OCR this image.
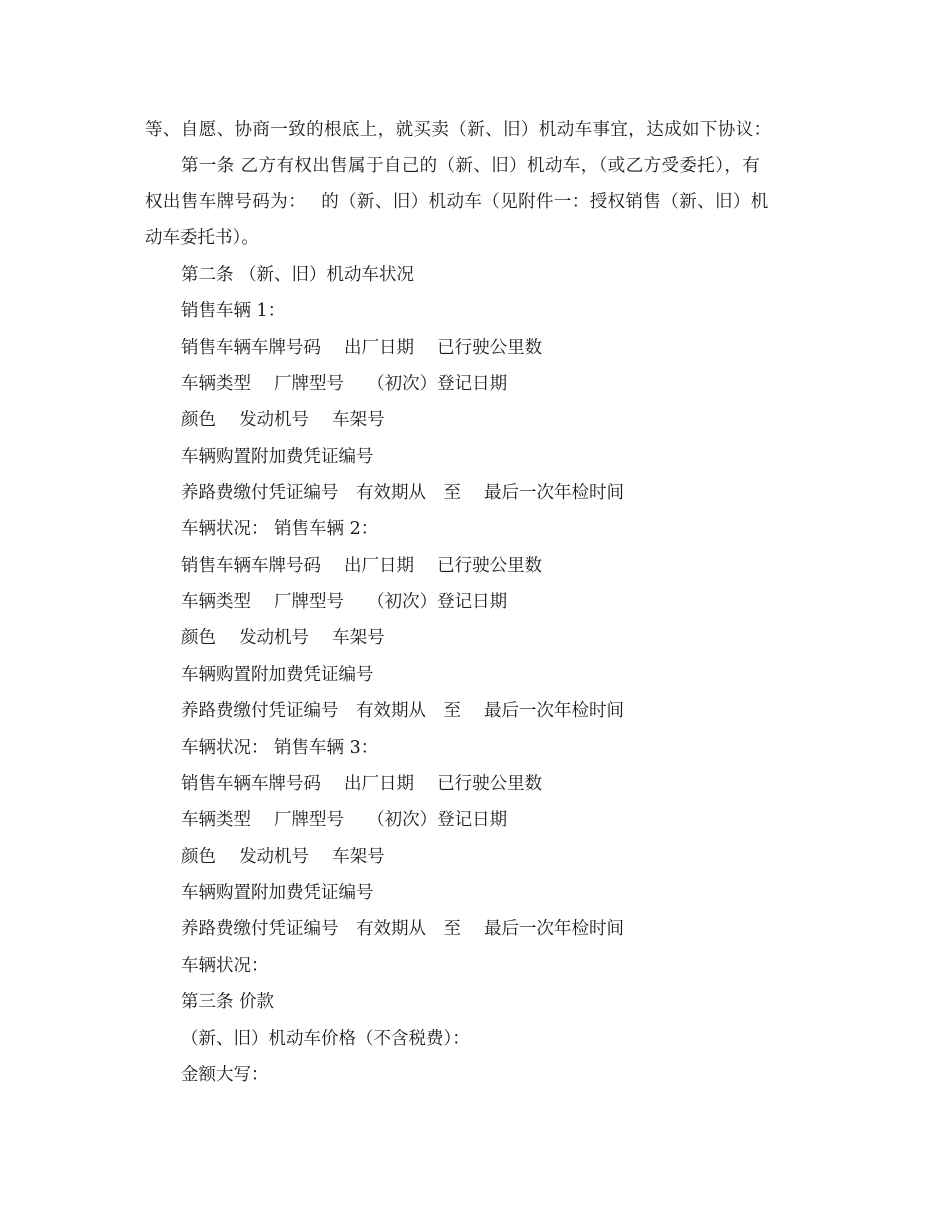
等、自愿、协商一致的根底上，就买卖（新、旧）机动车事宜，达成如下协议：
第一条 乙方有权出售属于自己的（新、旧）机动车，（或乙方受委托），有
权出售车牌号码为：　 的（新、旧）机动车（见附件一：授权销售（新、旧）机
动车委托书）。
第二条 （新、旧）机动车状况
销售车辆 1：
销售车辆车牌号码　 出厂日期　 已行驶公里数
车辆类型　 厂牌型号　 （初次）登记日期
颜色　 发动机号　 车架号
车辆购置附加费凭证编号
养路费缴付凭证编号　有效期从　至　 最后一次年检时间
车辆状况： 销售车辆 2：
销售车辆车牌号码　 出厂日期　 已行驶公里数
车辆类型　 厂牌型号　 （初次）登记日期
颜色　 发动机号　 车架号
车辆购置附加费凭证编号
养路费缴付凭证编号　有效期从　至　 最后一次年检时间
车辆状况： 销售车辆 3：
销售车辆车牌号码　 出厂日期　 已行驶公里数
车辆类型　 厂牌型号　 （初次）登记日期
颜色　 发动机号　 车架号
车辆购置附加费凭证编号
养路费缴付凭证编号　有效期从　至　 最后一次年检时间
车辆状况：
第三条 价款
（新、旧）机动车价格（不含税费）：
金额大写：
